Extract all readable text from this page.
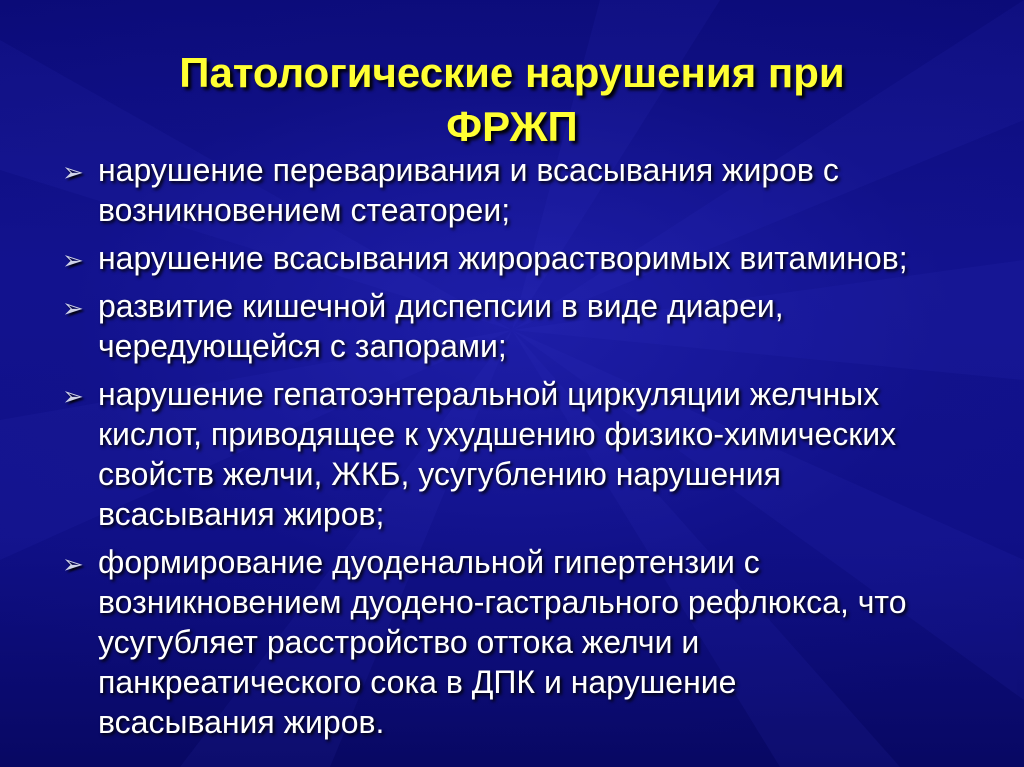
Патологические нарушения при
ФРЖП
➢ нарушение переваривания и всасывания жиров с
возникновением стеатореи;
➢ нарушение всасывания жирорастворимых витаминов;
➢ развитие кишечной диспепсии в виде диареи,
чередующейся с запорами;
➢ нарушение гепатоэнтеральной циркуляции желчных
кислот, приводящее к ухудшению физико-химических
свойств желчи, ЖКБ, усугублению нарушения
всасывания жиров;
➢ формирование дуоденальной гипертензии с
возникновением дуодено-гастрального рефлюкса, что
усугубляет расстройство оттока желчи и
панкреатического сока в ДПК и нарушение
всасывания жиров.
